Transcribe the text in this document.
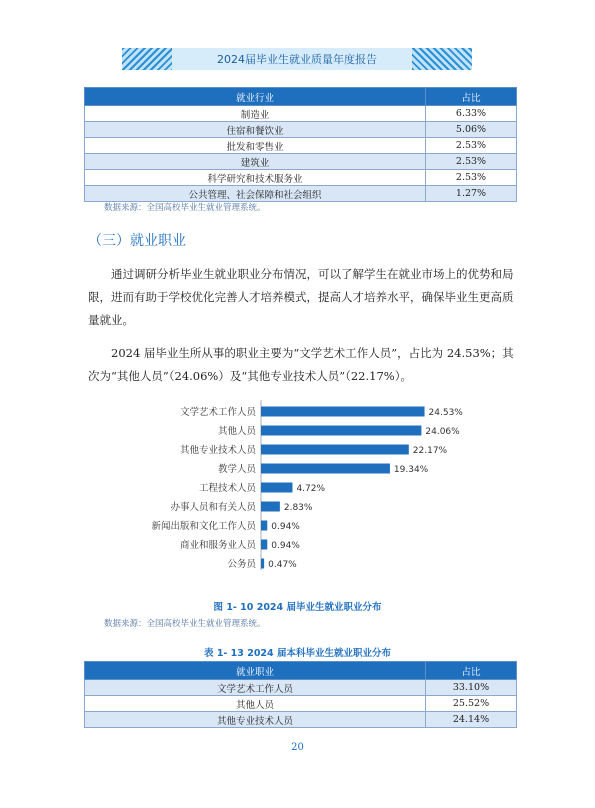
2024届毕业生就业质量年度报告
就业行业	占比
制造业	6.33%
住宿和餐饮业	5.06%
批发和零售业	2.53%
建筑业	2.53%
科学研究和技术服务业	2.53%
公共管理、社会保障和社会组织	1.27%
数据来源：全国高校毕业生就业管理系统。
（三）就业职业
通过调研分析毕业生就业职业分布情况，可以了解学生在就业市场上的优势和局限，进而有助于学校优化完善人才培养模式，提高人才培养水平，确保毕业生更高质量就业。
2024 届毕业生所从事的职业主要为“文学艺术工作人员”，占比为 24.53%；其次为“其他人员”（24.06%）及“其他专业技术人员”（22.17%）。
文学艺术工作人员	24.53%
其他人员	24.06%
其他专业技术人员	22.17%
教学人员	19.34%
工程技术人员	4.72%
办事人员和有关人员	2.83%
新闻出版和文化工作人员 0.94%
商业和服务业人员 0.94%
公务员 0.47%
图 1- 10 2024 届毕业生就业职业分布
数据来源：全国高校毕业生就业管理系统。
表 1- 13 2024 届本科毕业生就业职业分布
就业职业	占比
文学艺术工作人员	33.10%
其他人员	25.52%
其他专业技术人员	24.14%
20
